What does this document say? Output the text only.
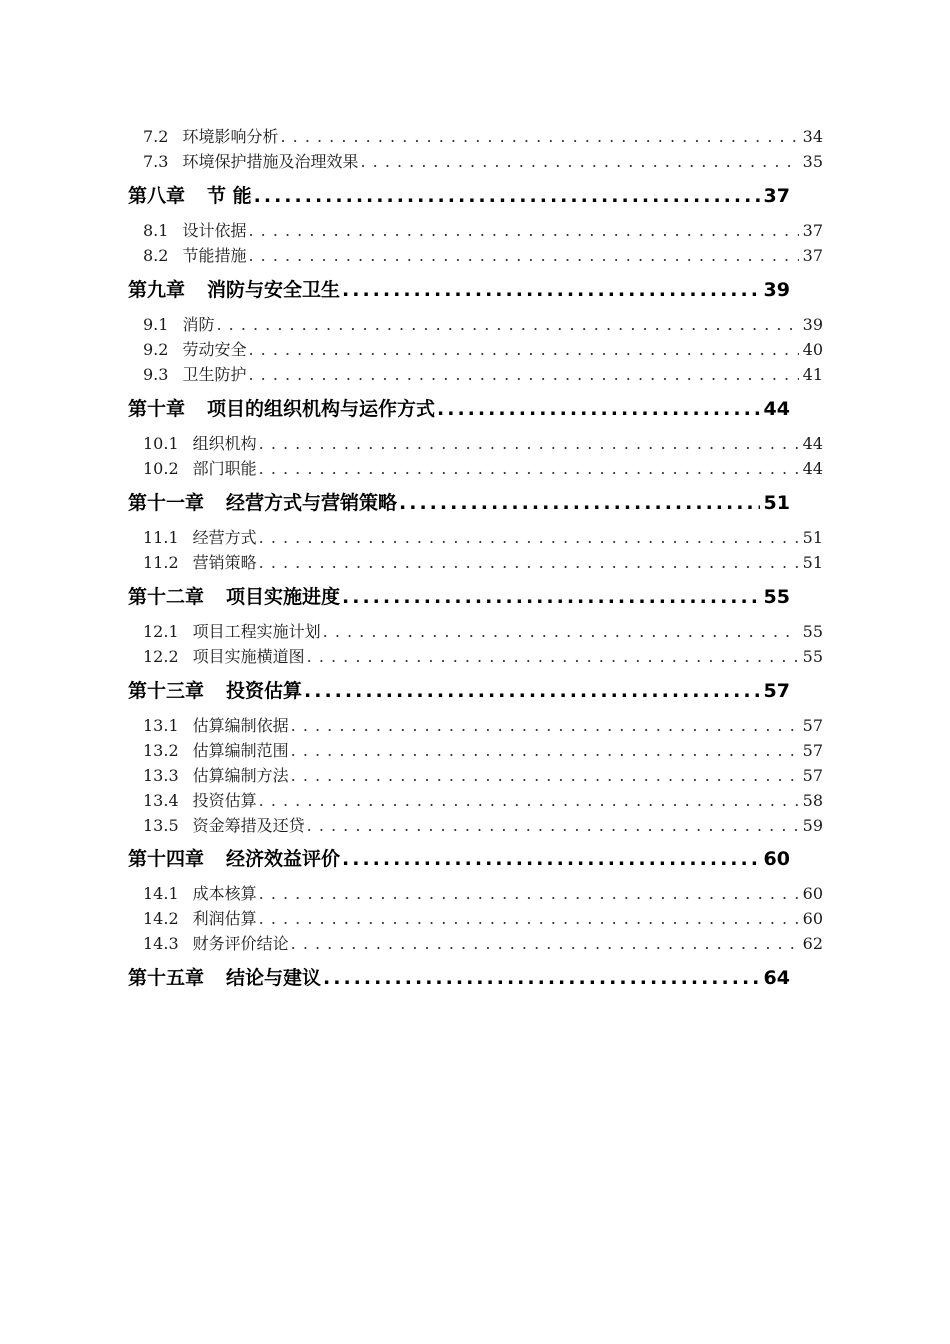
7.2 环境影响分析 . . .	34
7.3 环境保护措施及治理效果 . . .	35
第八章 节 能 .....	37
8.1 设计依据 . . .	37
8.2 节能措施 . . .	37
第九章 消防与安全卫生 .....	39
9.1 消防 . . .	39
9.2 劳动安全 . . .	40
9.3 卫生防护 . . .	41
第十章 项目的组织机构与运作方式 .....	44
10.1 组织机构 . . .	44
10.2 部门职能 . . .	44
第十一章 经营方式与营销策略 .....	51
11.1 经营方式 . . .	51
11.2 营销策略 . . .	51
第十二章 项目实施进度 .....	55
12.1 项目工程实施计划 . . .	55
12.2 项目实施横道图 . . .	55
第十三章 投资估算 .....	57
13.1 估算编制依据 . . .	57
13.2 估算编制范围 . . .	57
13.3 估算编制方法 . . .	57
13.4 投资估算 . . .	58
13.5 资金筹措及还贷 . . .	59
第十四章 经济效益评价 .....	60
14.1 成本核算 . . .	60
14.2 利润估算 . . .	60
14.3 财务评价结论 . . .	62
第十五章 结论与建议 .....	64
